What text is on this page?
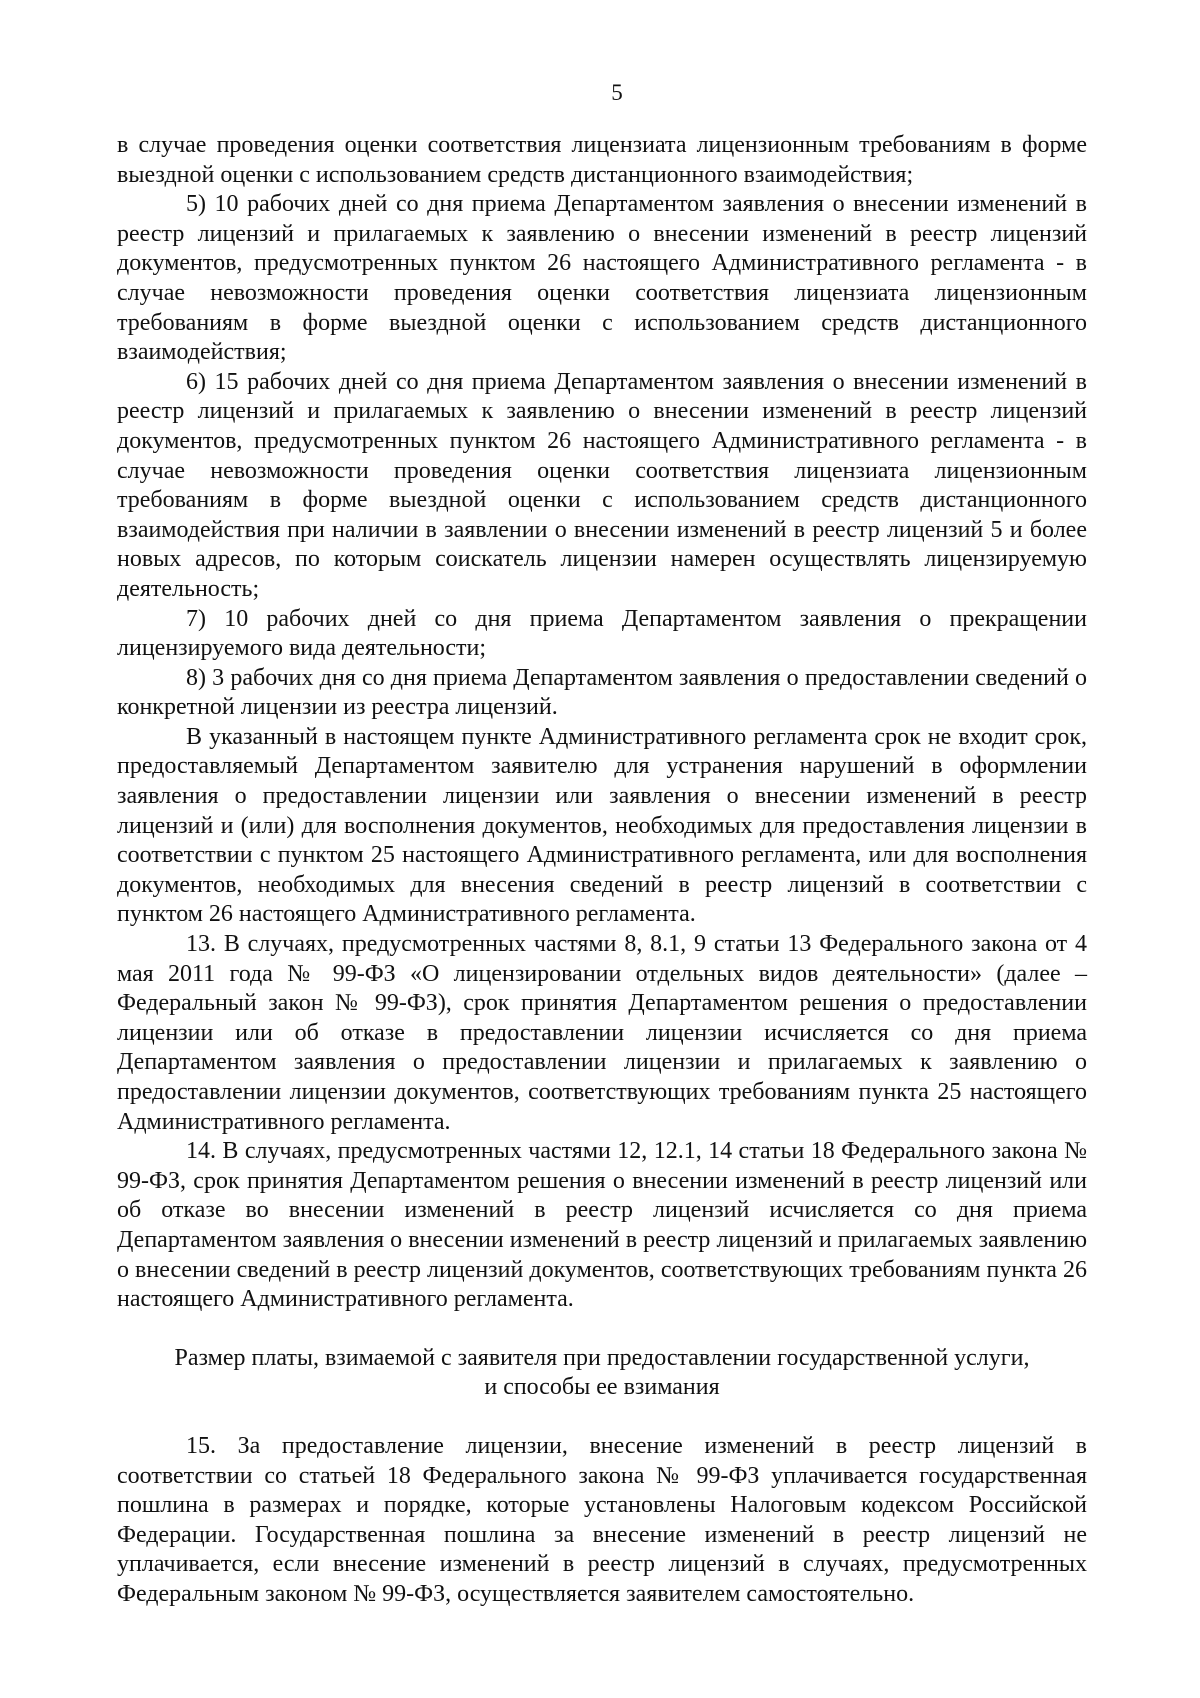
5

в случае проведения оценки соответствия лицензиата лицензионным требованиям в форме выездной оценки с использованием средств дистанционного взаимодействия;

5) 10 рабочих дней со дня приема Департаментом заявления о внесении изменений в реестр лицензий и прилагаемых к заявлению о внесении изменений в реестр лицензий документов, предусмотренных пунктом 26 настоящего Административного регламента - в случае невозможности проведения оценки соответствия лицензиата лицензионным требованиям в форме выездной оценки с использованием средств дистанционного взаимодействия;

6) 15 рабочих дней со дня приема Департаментом заявления о внесении изменений в реестр лицензий и прилагаемых к заявлению о внесении изменений в реестр лицензий документов, предусмотренных пунктом 26 настоящего Административного регламента - в случае невозможности проведения оценки соответствия лицензиата лицензионным требованиям в форме выездной оценки с использованием средств дистанционного взаимодействия при наличии в заявлении о внесении изменений в реестр лицензий 5 и более новых адресов, по которым соискатель лицензии намерен осуществлять лицензируемую деятельность;

7) 10 рабочих дней со дня приема Департаментом заявления о прекращении лицензируемого вида деятельности;

8) 3 рабочих дня со дня приема Департаментом заявления о предоставлении сведений о конкретной лицензии из реестра лицензий.

В указанный в настоящем пункте Административного регламента срок не входит срок, предоставляемый Департаментом заявителю для устранения нарушений в оформлении заявления о предоставлении лицензии или заявления о внесении изменений в реестр лицензий и (или) для восполнения документов, необходимых для предоставления лицензии в соответствии с пунктом 25 настоящего Административного регламента, или для восполнения документов, необходимых для внесения сведений в реестр лицензий в соответствии с пунктом 26 настоящего Административного регламента.

13. В случаях, предусмотренных частями 8, 8.1, 9 статьи 13 Федерального закона от 4 мая 2011 года № 99-ФЗ «О лицензировании отдельных видов деятельности» (далее – Федеральный закон № 99-ФЗ), срок принятия Департаментом решения о предоставлении лицензии или об отказе в предоставлении лицензии исчисляется со дня приема Департаментом заявления о предоставлении лицензии и прилагаемых к заявлению о предоставлении лицензии документов, соответствующих требованиям пункта 25 настоящего Административного регламента.

14. В случаях, предусмотренных частями 12, 12.1, 14 статьи 18 Федерального закона № 99-ФЗ, срок принятия Департаментом решения о внесении изменений в реестр лицензий или об отказе во внесении изменений в реестр лицензий исчисляется со дня приема Департаментом заявления о внесении изменений в реестр лицензий и прилагаемых заявлению о внесении сведений в реестр лицензий документов, соответствующих требованиям пункта 26 настоящего Административного регламента.

Размер платы, взимаемой с заявителя при предоставлении государственной услуги,
и способы ее взимания

15. За предоставление лицензии, внесение изменений в реестр лицензий в соответствии со статьей 18 Федерального закона № 99-ФЗ уплачивается государственная пошлина в размерах и порядке, которые установлены Налоговым кодексом Российской Федерации. Государственная пошлина за внесение изменений в реестр лицензий не уплачивается, если внесение изменений в реестр лицензий в случаях, предусмотренных Федеральным законом № 99-ФЗ, осуществляется заявителем самостоятельно.
